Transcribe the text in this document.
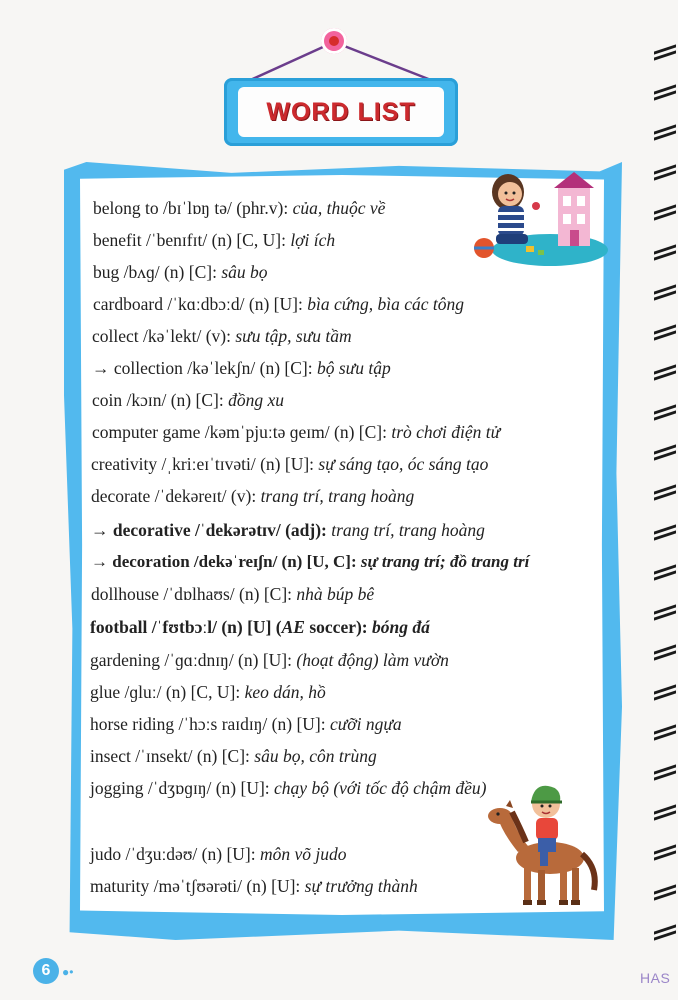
WORD LIST
belong to /bɪˈlɒŋ tə/ (phr.v): của, thuộc về
benefit /ˈbenɪfɪt/ (n) [C, U]: lợi ích
bug /bʌɡ/ (n) [C]: sâu bọ
cardboard /ˈkɑːdbɔːd/ (n) [U]: bìa cứng, bìa các tông
collect /kəˈlekt/ (v): sưu tập, sưu tầm
→ collection /kəˈlekʃn/ (n) [C]: bộ sưu tập
coin /kɔɪn/ (n) [C]: đồng xu
computer game /kəmˈpjuːtə ɡeɪm/ (n) [C]: trò chơi điện tử
creativity /ˌkriːeɪˈtɪvəti/ (n) [U]: sự sáng tạo, óc sáng tạo
decorate /ˈdekəreɪt/ (v): trang trí, trang hoàng
→ decorative /ˈdekərətɪv/ (adj): trang trí, trang hoàng
→ decoration /dekəˈreɪʃn/ (n) [U, C]: sự trang trí; đồ trang trí
dollhouse /ˈdɒlhaʊs/ (n) [C]: nhà búp bê
football /ˈfʊtbɔːl/ (n) [U] (AE soccer): bóng đá
gardening /ˈɡɑːdnɪŋ/ (n) [U]: (hoạt động) làm vườn
glue /ɡluː/ (n) [C, U]: keo dán, hồ
horse riding /ˈhɔːs raɪdɪŋ/ (n) [U]: cưỡi ngựa
insect /ˈɪnsekt/ (n) [C]: sâu bọ, côn trùng
jogging /ˈdʒɒɡɪŋ/ (n) [U]: chạy bộ (với tốc độ chậm đều)
judo /ˈdʒuːdəʊ/ (n) [U]: môn võ judo
maturity /məˈtʃʊərəti/ (n) [U]: sự trưởng thành
6 ●•	HAS
